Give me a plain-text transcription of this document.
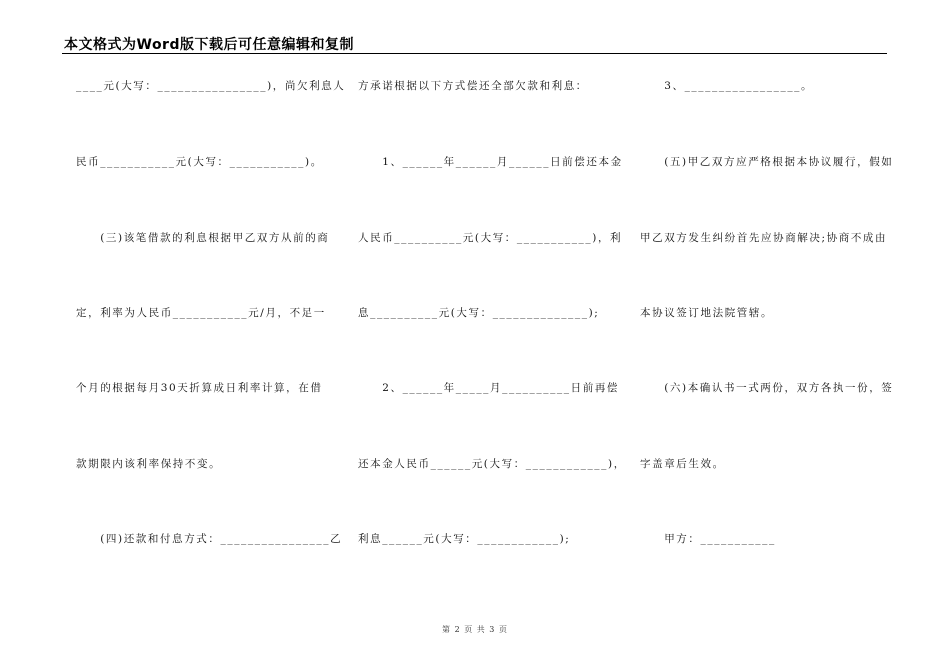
本文格式为Word版下载后可任意编辑和复制
____元(大写：________________)，尚欠利息人
民币___________元(大写：___________)。
　　(三)该笔借款的利息根据甲乙双方从前的商
定，利率为人民币___________元/月，不足一
个月的根据每月30天折算成日利率计算，在借
款期限内该利率保持不变。
　　(四)还款和付息方式：________________乙
方承诺根据以下方式偿还全部欠款和利息：
　　1、______年______月______日前偿还本金
人民币__________元(大写：___________)，利
息__________元(大写：______________);
　　2、______年_____月__________日前再偿
还本金人民币______元(大写：____________)，
利息______元(大写：____________);
　　3、_________________。
　　(五)甲乙双方应严格根据本协议履行，假如
甲乙双方发生纠纷首先应协商解决;协商不成由
本协议签订地法院管辖。
　　(六)本确认书一式两份，双方各执一份，签
字盖章后生效。
　　甲方：___________
第 2 页 共 3 页
